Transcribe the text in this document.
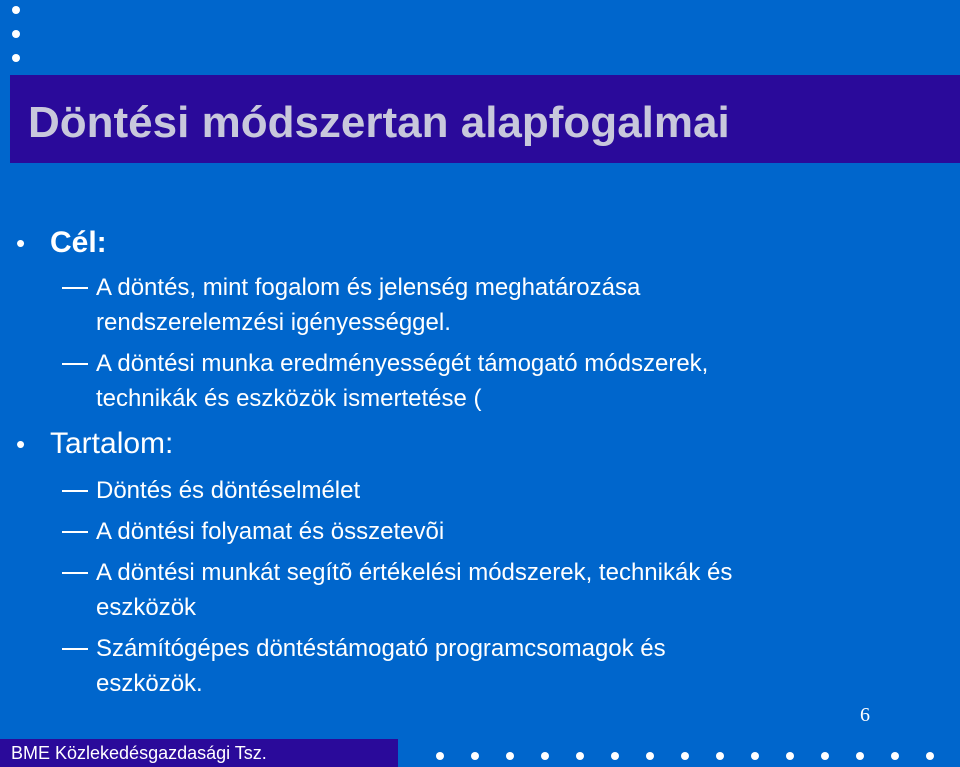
Döntési módszertan alapfogalmai
• Cél:
A döntés, mint fogalom és jelenség meghatározása
rendszerelemzési igényességgel.
A döntési munka eredményességét támogató módszerek,
technikák és eszközök ismertetése (
• Tartalom:
Döntés és döntéselmélet
A döntési folyamat és összetevõi
A döntési munkát segítõ értékelési módszerek, technikák és
eszközök
Számítógépes döntéstámogató programcsomagok és
eszközök.
6
BME Közlekedésgazdasági Tsz.
